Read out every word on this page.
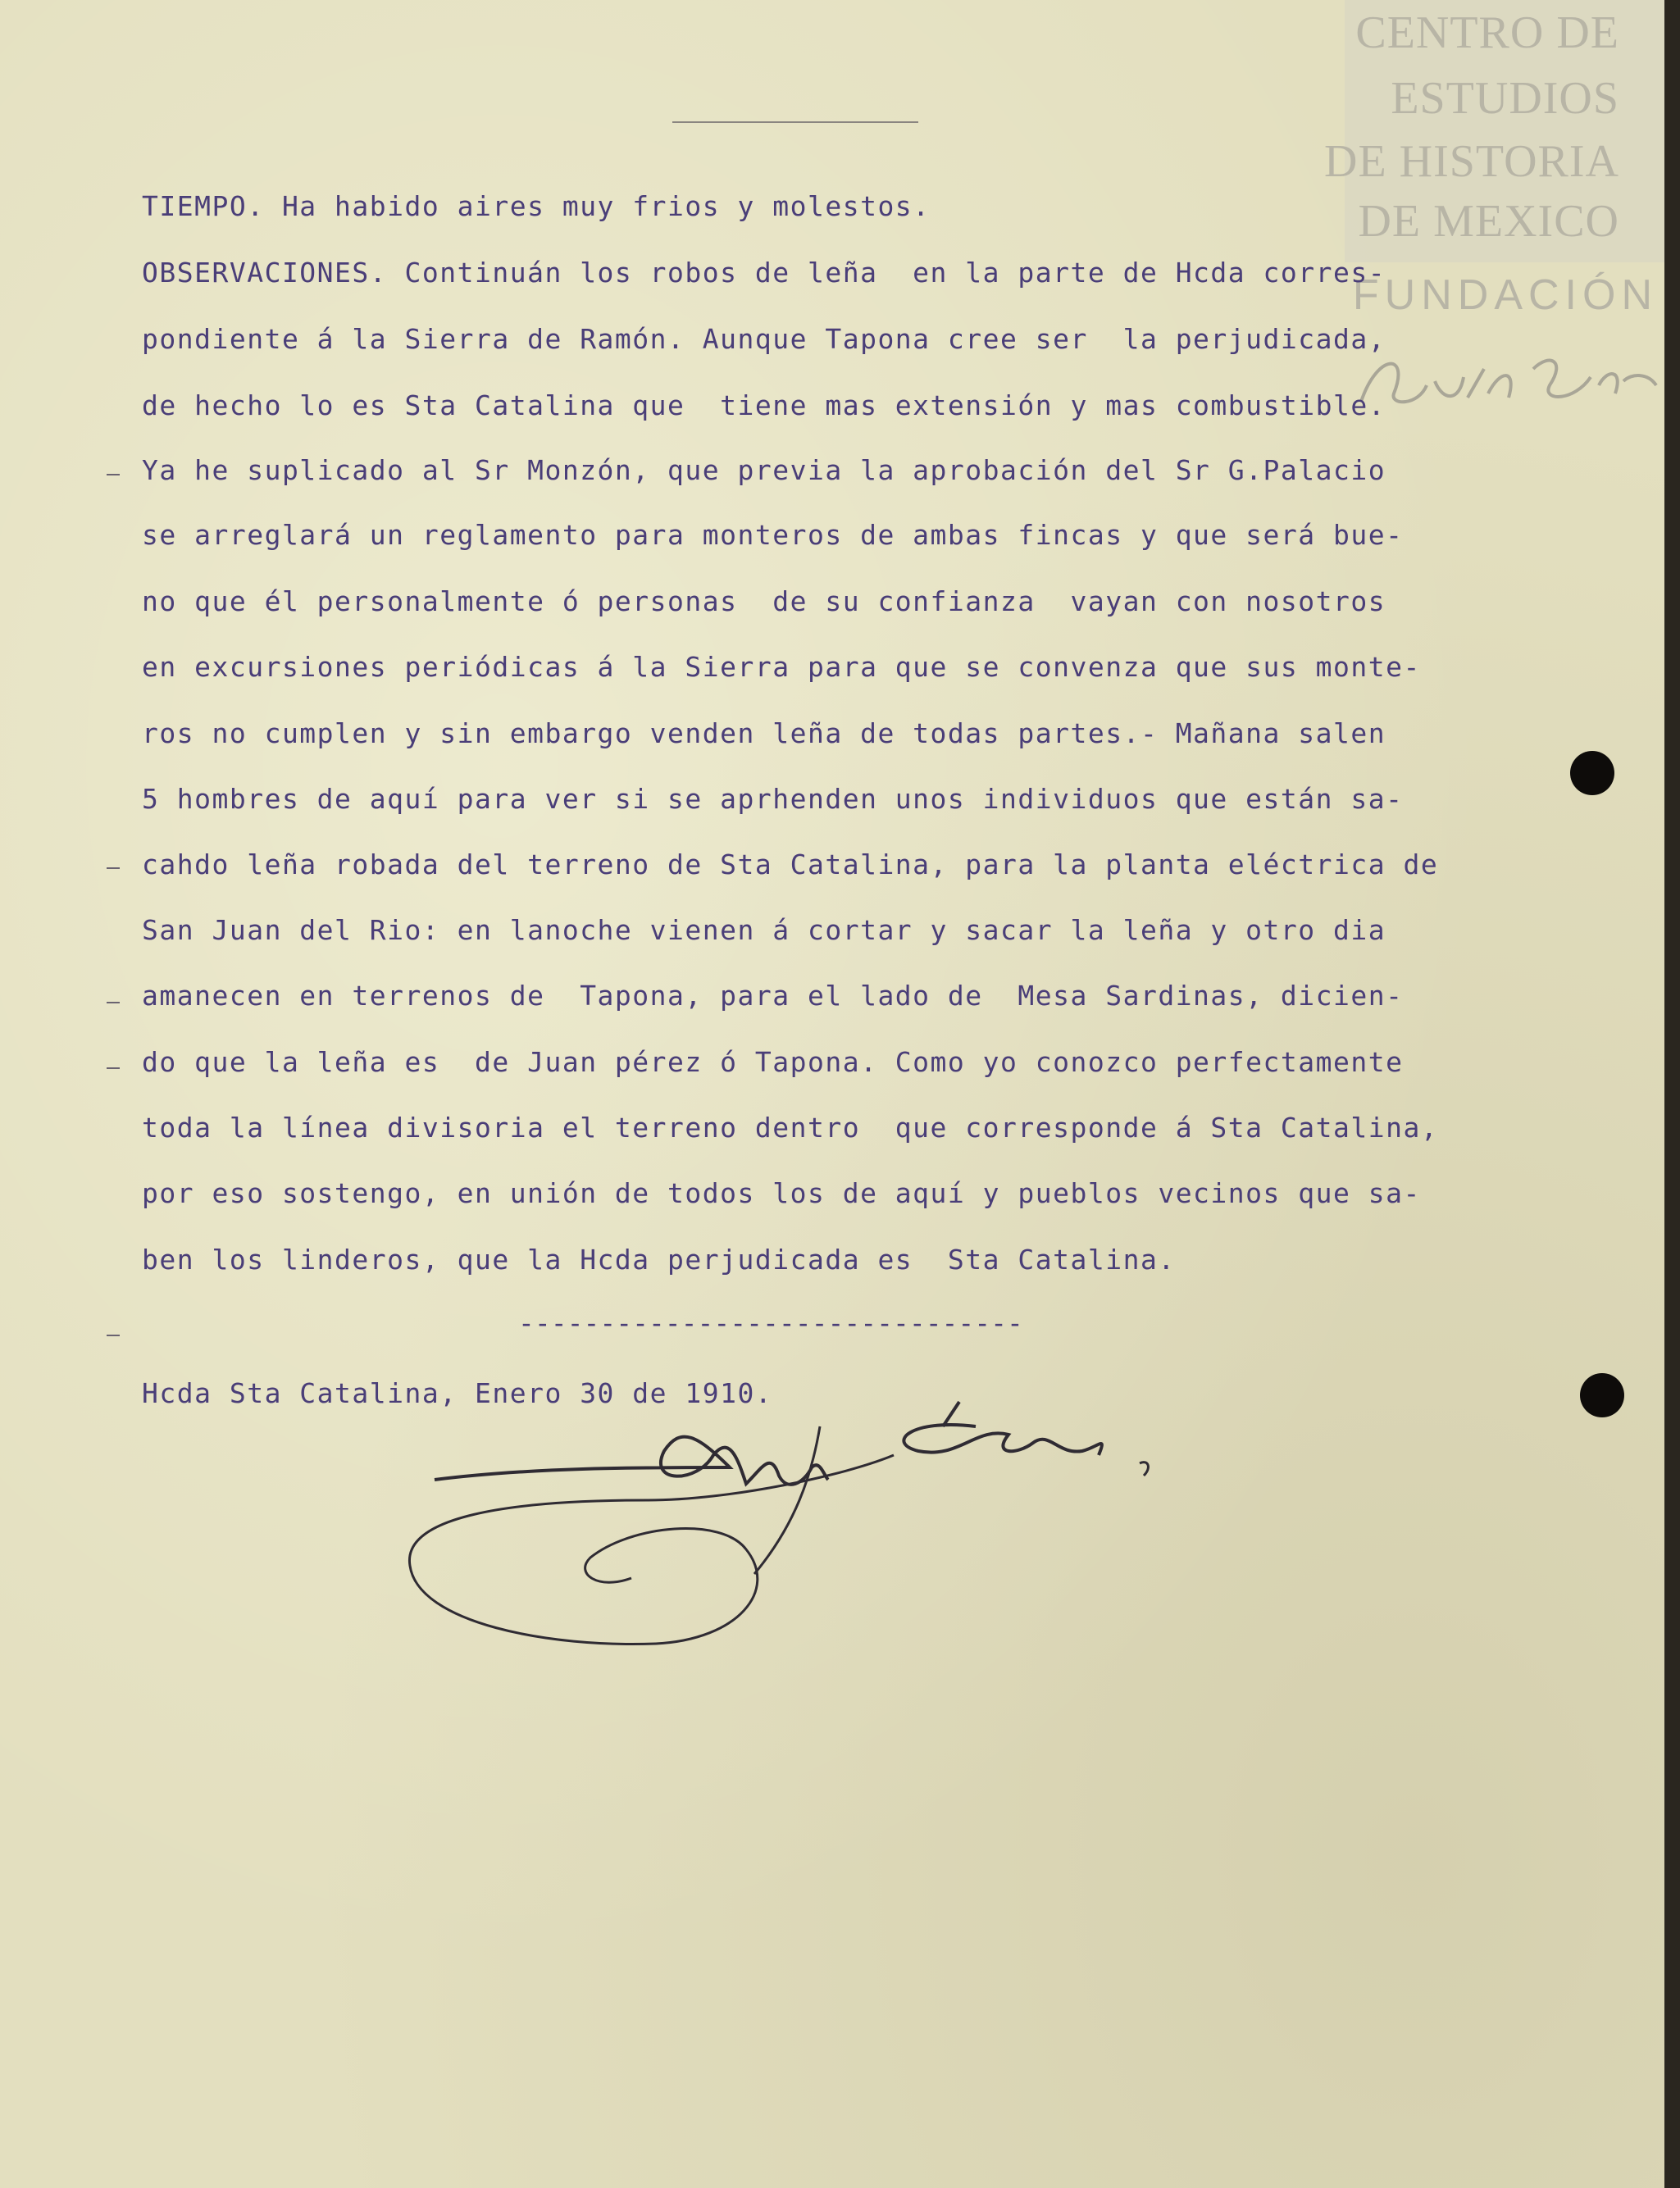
CENTRO DE
ESTUDIOS
DE HISTORIA
DE MEXICO
FUNDACIÓN
TIEMPO. Ha habido aires muy frios y molestos.
OBSERVACIONES. Continuán los robos de leña  en la parte de Hcda corres-
pondiente á la Sierra de Ramón. Aunque Tapona cree ser  la perjudicada,
de hecho lo es Sta Catalina que  tiene mas extensión y mas combustible.
Ya he suplicado al Sr Monzón, que previa la aprobación del Sr G.Palacio
se arreglará un reglamento para monteros de ambas fincas y que será bue-
no que él personalmente ó personas  de su confianza  vayan con nosotros
en excursiones periódicas á la Sierra para que se convenza que sus monte-
ros no cumplen y sin embargo venden leña de todas partes.- Mañana salen
5 hombres de aquí para ver si se aprhenden unos individuos que están sa-
cahdo leña robada del terreno de Sta Catalina, para la planta eléctrica de
San Juan del Rio: en lanoche vienen á cortar y sacar la leña y otro dia
amanecen en terrenos de  Tapona, para el lado de  Mesa Sardinas, dicien-
do que la leña es  de Juan pérez ó Tapona. Como yo conozco perfectamente
toda la línea divisoria el terreno dentro  que corresponde á Sta Catalina,
por eso sostengo, en unión de todos los de aquí y pueblos vecinos que sa-
ben los linderos, que la Hcda perjudicada es  Sta Catalina.
-------------------------------
Hcda Sta Catalina, Enero 30 de 1910.
